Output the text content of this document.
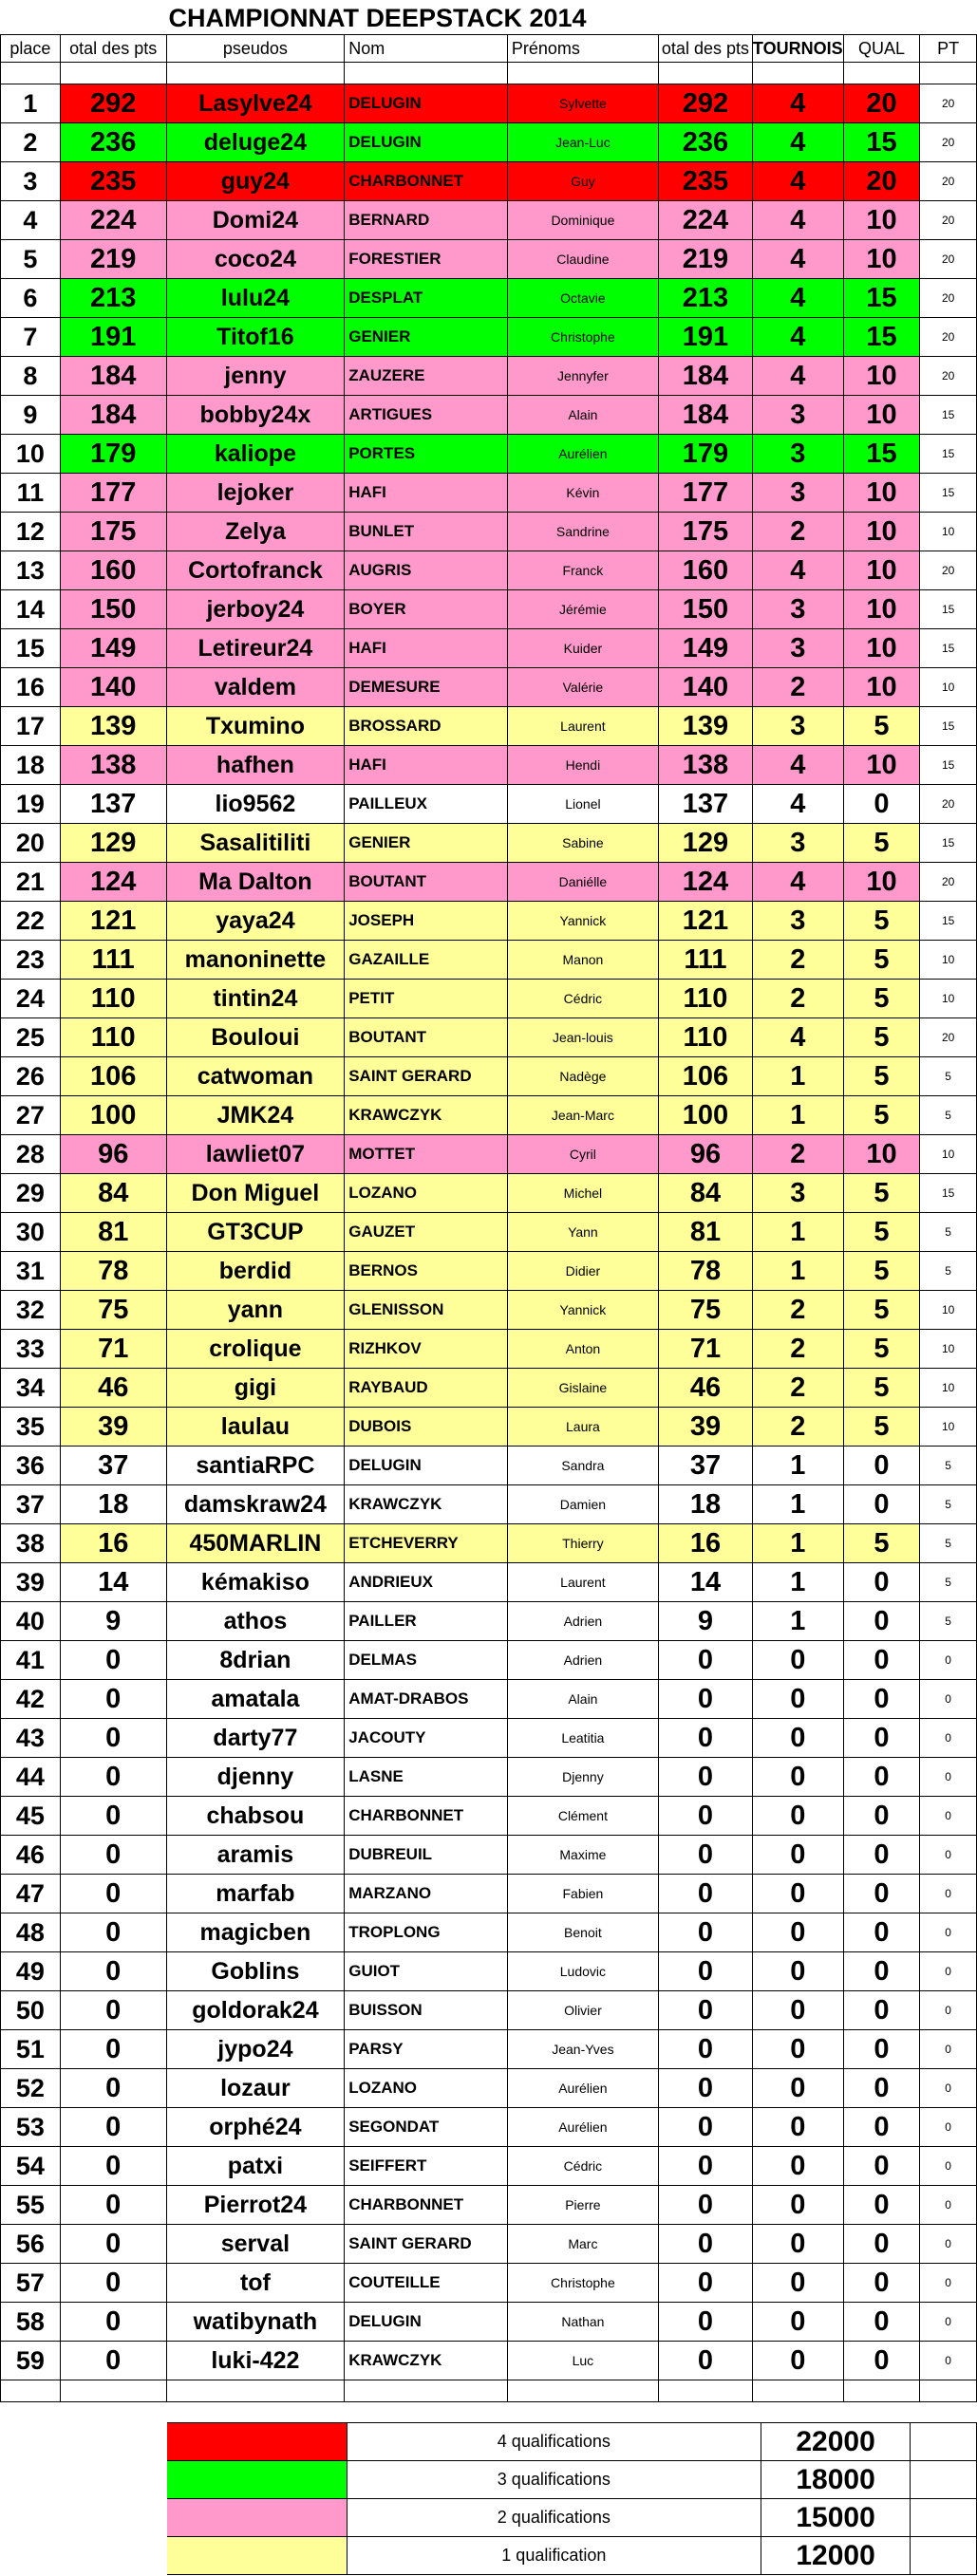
CHAMPIONNAT DEEPSTACK 2014
place	otal des pts	pseudos	Nom	Prénoms	otal des pts	TOURNOIS	QUAL	PT

1	292	Lasylve24	DELUGIN	Sylvette	292	4	20	20
2	236	deluge24	DELUGIN	Jean-Luc	236	4	15	20
3	235	guy24	CHARBONNET	Guy	235	4	20	20
4	224	Domi24	BERNARD	Dominique	224	4	10	20
5	219	coco24	FORESTIER	Claudine	219	4	10	20
6	213	lulu24	DESPLAT	Octavie	213	4	15	20
7	191	Titof16	GENIER	Christophe	191	4	15	20
8	184	jenny	ZAUZERE	Jennyfer	184	4	10	20
9	184	bobby24x	ARTIGUES	Alain	184	3	10	15
10	179	kaliope	PORTES	Aurélien	179	3	15	15
11	177	lejoker	HAFI	Kévin	177	3	10	15
12	175	Zelya	BUNLET	Sandrine	175	2	10	10
13	160	Cortofranck	AUGRIS	Franck	160	4	10	20
14	150	jerboy24	BOYER	Jérémie	150	3	10	15
15	149	Letireur24	HAFI	Kuider	149	3	10	15
16	140	valdem	DEMESURE	Valérie	140	2	10	10
17	139	Txumino	BROSSARD	Laurent	139	3	5	15
18	138	hafhen	HAFI	Hendi	138	4	10	15
19	137	lio9562	PAILLEUX	Lionel	137	4	0	20
20	129	Sasalitiliti	GENIER	Sabine	129	3	5	15
21	124	Ma Dalton	BOUTANT	Daniélle	124	4	10	20
22	121	yaya24	JOSEPH	Yannick	121	3	5	15
23	111	manoninette	GAZAILLE	Manon	111	2	5	10
24	110	tintin24	PETIT	Cédric	110	2	5	10
25	110	Bouloui	BOUTANT	Jean-louis	110	4	5	20
26	106	catwoman	SAINT GERARD	Nadège	106	1	5	5
27	100	JMK24	KRAWCZYK	Jean-Marc	100	1	5	5
28	96	lawliet07	MOTTET	Cyril	96	2	10	10
29	84	Don Miguel	LOZANO	Michel	84	3	5	15
30	81	GT3CUP	GAUZET	Yann	81	1	5	5
31	78	berdid	BERNOS	Didier	78	1	5	5
32	75	yann	GLENISSON	Yannick	75	2	5	10
33	71	crolique	RIZHKOV	Anton	71	2	5	10
34	46	gigi	RAYBAUD	Gislaine	46	2	5	10
35	39	laulau	DUBOIS	Laura	39	2	5	10
36	37	santiaRPC	DELUGIN	Sandra	37	1	0	5
37	18	damskraw24	KRAWCZYK	Damien	18	1	0	5
38	16	450MARLIN	ETCHEVERRY	Thierry	16	1	5	5
39	14	kémakiso	ANDRIEUX	Laurent	14	1	0	5
40	9	athos	PAILLER	Adrien	9	1	0	5
41	0	8drian	DELMAS	Adrien	0	0	0	0
42	0	amatala	AMAT-DRABOS	Alain	0	0	0	0
43	0	darty77	JACOUTY	Leatitia	0	0	0	0
44	0	djenny	LASNE	Djenny	0	0	0	0
45	0	chabsou	CHARBONNET	Clément	0	0	0	0
46	0	aramis	DUBREUIL	Maxime	0	0	0	0
47	0	marfab	MARZANO	Fabien	0	0	0	0
48	0	magicben	TROPLONG	Benoit	0	0	0	0
49	0	Goblins	GUIOT	Ludovic	0	0	0	0
50	0	goldorak24	BUISSON	Olivier	0	0	0	0
51	0	jypo24	PARSY	Jean-Yves	0	0	0	0
52	0	lozaur	LOZANO	Aurélien	0	0	0	0
53	0	orphé24	SEGONDAT	Aurélien	0	0	0	0
54	0	patxi	SEIFFERT	Cédric	0	0	0	0
55	0	Pierrot24	CHARBONNET	Pierre	0	0	0	0
56	0	serval	SAINT GERARD	Marc	0	0	0	0
57	0	tof	COUTEILLE	Christophe	0	0	0	0
58	0	watibynath	DELUGIN	Nathan	0	0	0	0
59	0	luki-422	KRAWCZYK	Luc	0	0	0	0

		4 qualifications	22000	
		3 qualifications	18000	
		2 qualifications	15000	
		1 qualification	12000	
